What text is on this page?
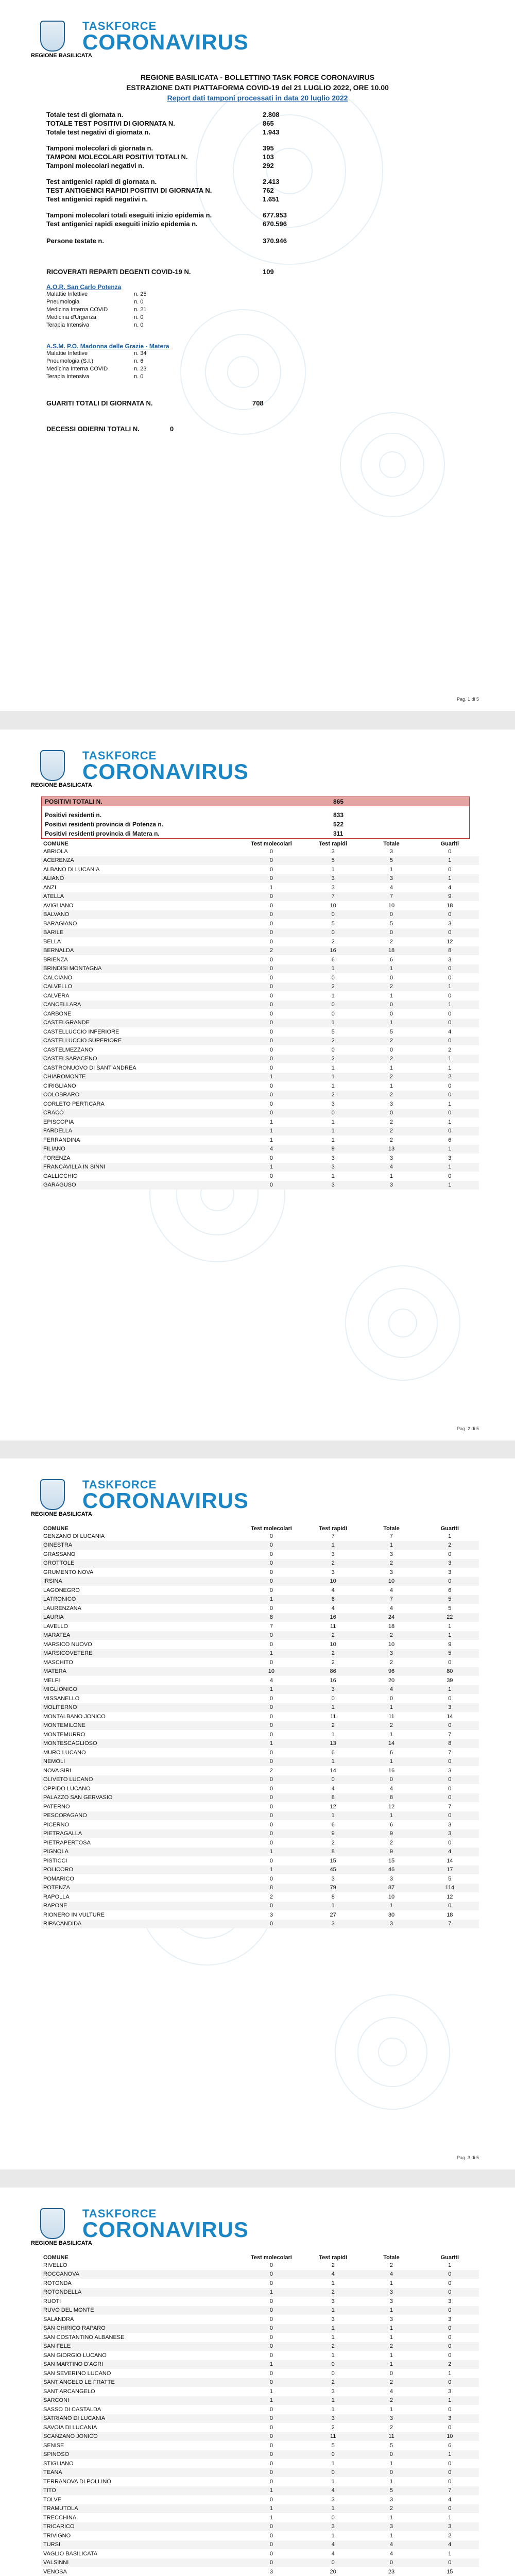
TASKFORCE
CORONAVIRUS
REGIONE BASILICATA
REGIONE BASILICATA - BOLLETTINO TASK FORCE CORONAVIRUS
ESTRAZIONE DATI PIATTAFORMA COVID-19 del 21 LUGLIO 2022, ORE 10.00
Report dati tamponi processati in data 20 luglio 2022
Totale test di giornata n.	2.808
TOTALE TEST POSITIVI DI GIORNATA N.	865
Totale test negativi di giornata n.	1.943
Tamponi molecolari di giornata n.	395
TAMPONI MOLECOLARI POSITIVI TOTALI N.	103
Tamponi molecolari negativi n.	292
Test antigenici rapidi di giornata n.	2.413
TEST ANTIGENICI RAPIDI POSITIVI DI GIORNATA N.	762
Test antigenici rapidi negativi n.	1.651
Tamponi molecolari totali eseguiti inizio epidemia n.	677.953
Test antigenici rapidi eseguiti inizio epidemia n.	670.596
Persone testate n.	370.946
RICOVERATI REPARTI DEGENTI COVID-19 N.	109
A.O.R. San Carlo Potenza
Malattie Infettive	n. 25
Pneumologia	n. 0
Medicina Interna COVID	n. 21
Medicina d'Urgenza	n. 0
Terapia Intensiva	n. 0
A.S.M. P.O. Madonna delle Grazie - Matera
Malattie Infettive	n. 34
Pneumologia (S.I.)	n. 6
Medicina Interna COVID	n. 23
Terapia Intensiva	n. 0
GUARITI TOTALI DI GIORNATA N.	708
DECESSI ODIERNI TOTALI N.	0
Pag. 1 di 5
TASKFORCE
CORONAVIRUS
REGIONE BASILICATA
POSITIVI TOTALI N.	865
Positivi residenti n.	833
Positivi residenti provincia di Potenza n.	522
Positivi residenti provincia di Matera n.	311
COMUNE	Test molecolari	Test rapidi	Totale	Guariti
ABRIOLA	0	3	3	0
ACERENZA	0	5	5	1
ALBANO DI LUCANIA	0	1	1	0
ALIANO	0	3	3	1
ANZI	1	3	4	4
ATELLA	0	7	7	9
AVIGLIANO	0	10	10	18
BALVANO	0	0	0	0
BARAGIANO	0	5	5	3
BARILE	0	0	0	0
BELLA	0	2	2	12
BERNALDA	2	16	18	8
BRIENZA	0	6	6	3
BRINDISI MONTAGNA	0	1	1	0
CALCIANO	0	0	0	0
CALVELLO	0	2	2	1
CALVERA	0	1	1	0
CANCELLARA	0	0	0	1
CARBONE	0	0	0	0
CASTELGRANDE	0	1	1	0
CASTELLUCCIO INFERIORE	0	5	5	4
CASTELLUCCIO SUPERIORE	0	2	2	0
CASTELMEZZANO	0	0	0	2
CASTELSARACENO	0	2	2	1
CASTRONUOVO DI SANT'ANDREA	0	1	1	1
CHIAROMONTE	1	1	2	2
CIRIGLIANO	0	1	1	0
COLOBRARO	0	2	2	0
CORLETO PERTICARA	0	3	3	1
CRACO	0	0	0	0
EPISCOPIA	1	1	2	1
FARDELLA	1	1	2	0
FERRANDINA	1	1	2	6
FILIANO	4	9	13	1
FORENZA	0	3	3	3
FRANCAVILLA IN SINNI	1	3	4	1
GALLICCHIO	0	1	1	0
GARAGUSO	0	3	3	1
Pag. 2 di 5
TASKFORCE
CORONAVIRUS
REGIONE BASILICATA
COMUNE	Test molecolari	Test rapidi	Totale	Guariti
GENZANO DI LUCANIA	0	7	7	1
GINESTRA	0	1	1	2
GRASSANO	0	3	3	0
GROTTOLE	0	2	2	3
GRUMENTO NOVA	0	3	3	3
IRSINA	0	10	10	0
LAGONEGRO	0	4	4	6
LATRONICO	1	6	7	5
LAURENZANA	0	4	4	5
LAURIA	8	16	24	22
LAVELLO	7	11	18	1
MARATEA	0	2	2	1
MARSICO NUOVO	0	10	10	9
MARSICOVETERE	1	2	3	5
MASCHITO	0	2	2	0
MATERA	10	86	96	80
MELFI	4	16	20	39
MIGLIONICO	1	3	4	1
MISSANELLO	0	0	0	0
MOLITERNO	0	1	1	3
MONTALBANO JONICO	0	11	11	14
MONTEMILONE	0	2	2	0
MONTEMURRO	0	1	1	7
MONTESCAGLIOSO	1	13	14	8
MURO LUCANO	0	6	6	7
NEMOLI	0	1	1	0
NOVA SIRI	2	14	16	3
OLIVETO LUCANO	0	0	0	0
OPPIDO LUCANO	0	4	4	0
PALAZZO SAN GERVASIO	0	8	8	0
PATERNO	0	12	12	7
PESCOPAGANO	0	1	1	0
PICERNO	0	6	6	3
PIETRAGALLA	0	9	9	3
PIETRAPERTOSA	0	2	2	0
PIGNOLA	1	8	9	4
PISTICCI	0	15	15	14
POLICORO	1	45	46	17
POMARICO	0	3	3	5
POTENZA	8	79	87	114
RAPOLLA	2	8	10	12
RAPONE	0	1	1	0
RIONERO IN VULTURE	3	27	30	18
RIPACANDIDA	0	3	3	7
Pag. 3 di 5
TASKFORCE
CORONAVIRUS
REGIONE BASILICATA
COMUNE	Test molecolari	Test rapidi	Totale	Guariti
RIVELLO	0	2	2	1
ROCCANOVA	0	4	4	0
ROTONDA	0	1	1	0
ROTONDELLA	1	2	3	0
RUOTI	0	3	3	3
RUVO DEL MONTE	0	1	1	0
SALANDRA	0	3	3	3
SAN CHIRICO RAPARO	0	1	1	0
SAN COSTANTINO ALBANESE	0	1	1	0
SAN FELE	0	2	2	0
SAN GIORGIO LUCANO	0	1	1	0
SAN MARTINO D'AGRI	1	0	1	2
SAN SEVERINO LUCANO	0	0	0	1
SANT'ANGELO LE FRATTE	0	2	2	0
SANT'ARCANGELO	1	3	4	3
SARCONI	1	1	2	1
SASSO DI CASTALDA	0	1	1	0
SATRIANO DI LUCANIA	0	3	3	3
SAVOIA DI LUCANIA	0	2	2	0
SCANZANO JONICO	0	11	11	10
SENISE	0	5	5	6
SPINOSO	0	0	0	1
STIGLIANO	0	1	1	0
TEANA	0	0	0	0
TERRANOVA DI POLLINO	0	1	1	0
TITO	1	4	5	7
TOLVE	0	3	3	4
TRAMUTOLA	1	1	2	0
TRECCHINA	1	0	1	1
TRICARICO	0	3	3	3
TRIVIGNO	0	1	1	2
TURSI	0	4	4	4
VAGLIO BASILICATA	0	4	4	1
VALSINNI	0	0	0	0
VENOSA	3	20	23	15
